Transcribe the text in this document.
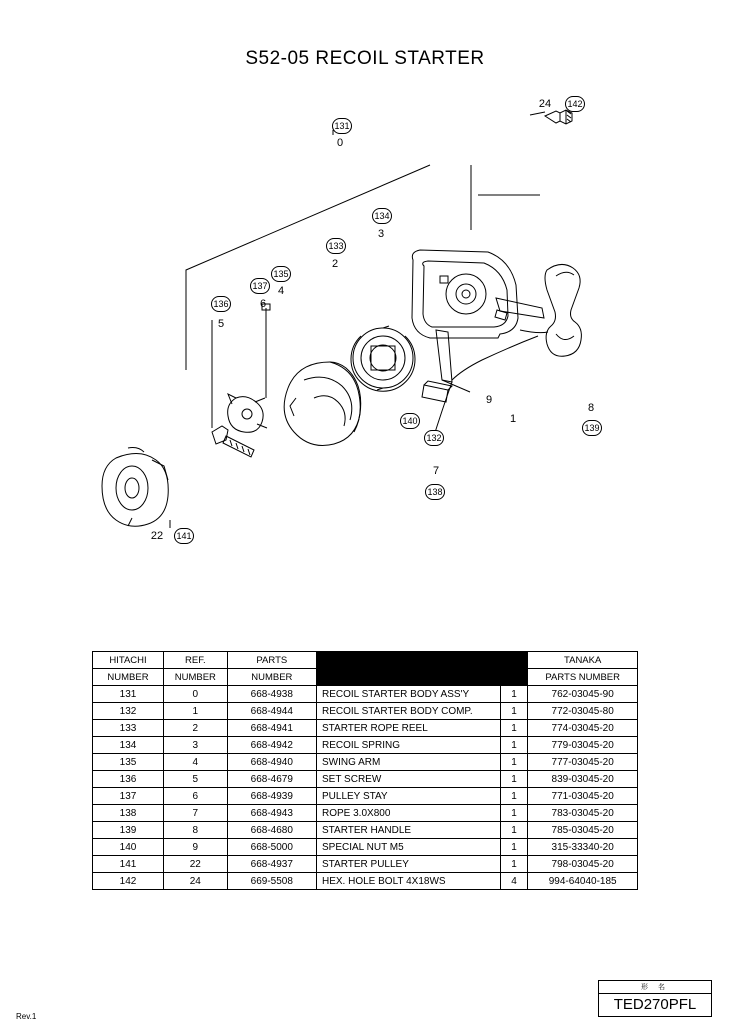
S52-05 RECOIL STARTER
131
134
133
135
137
136
140
132
139
138
141
142
0
3
2
4
6
5
9
1
8
7
22
24
HITACHI	REF.	PARTS			TANAKA
NUMBER	NUMBER	NUMBER			PARTS NUMBER
131	0	668-4938	RECOIL STARTER BODY ASS'Y	1	762-03045-90
132	1	668-4944	RECOIL STARTER BODY COMP.	1	772-03045-80
133	2	668-4941	STARTER ROPE REEL	1	774-03045-20
134	3	668-4942	RECOIL SPRING	1	779-03045-20
135	4	668-4940	SWING ARM	1	777-03045-20
136	5	668-4679	SET SCREW	1	839-03045-20
137	6	668-4939	PULLEY STAY	1	771-03045-20
138	7	668-4943	ROPE 3.0X800	1	783-03045-20
139	8	668-4680	STARTER HANDLE	1	785-03045-20
140	9	668-5000	SPECIAL NUT M5	1	315-33340-20
141	22	668-4937	STARTER PULLEY	1	798-03045-20
142	24	669-5508	HEX. HOLE BOLT 4X18WS	4	994-64040-185
形 名
TED270PFL
Rev.1
